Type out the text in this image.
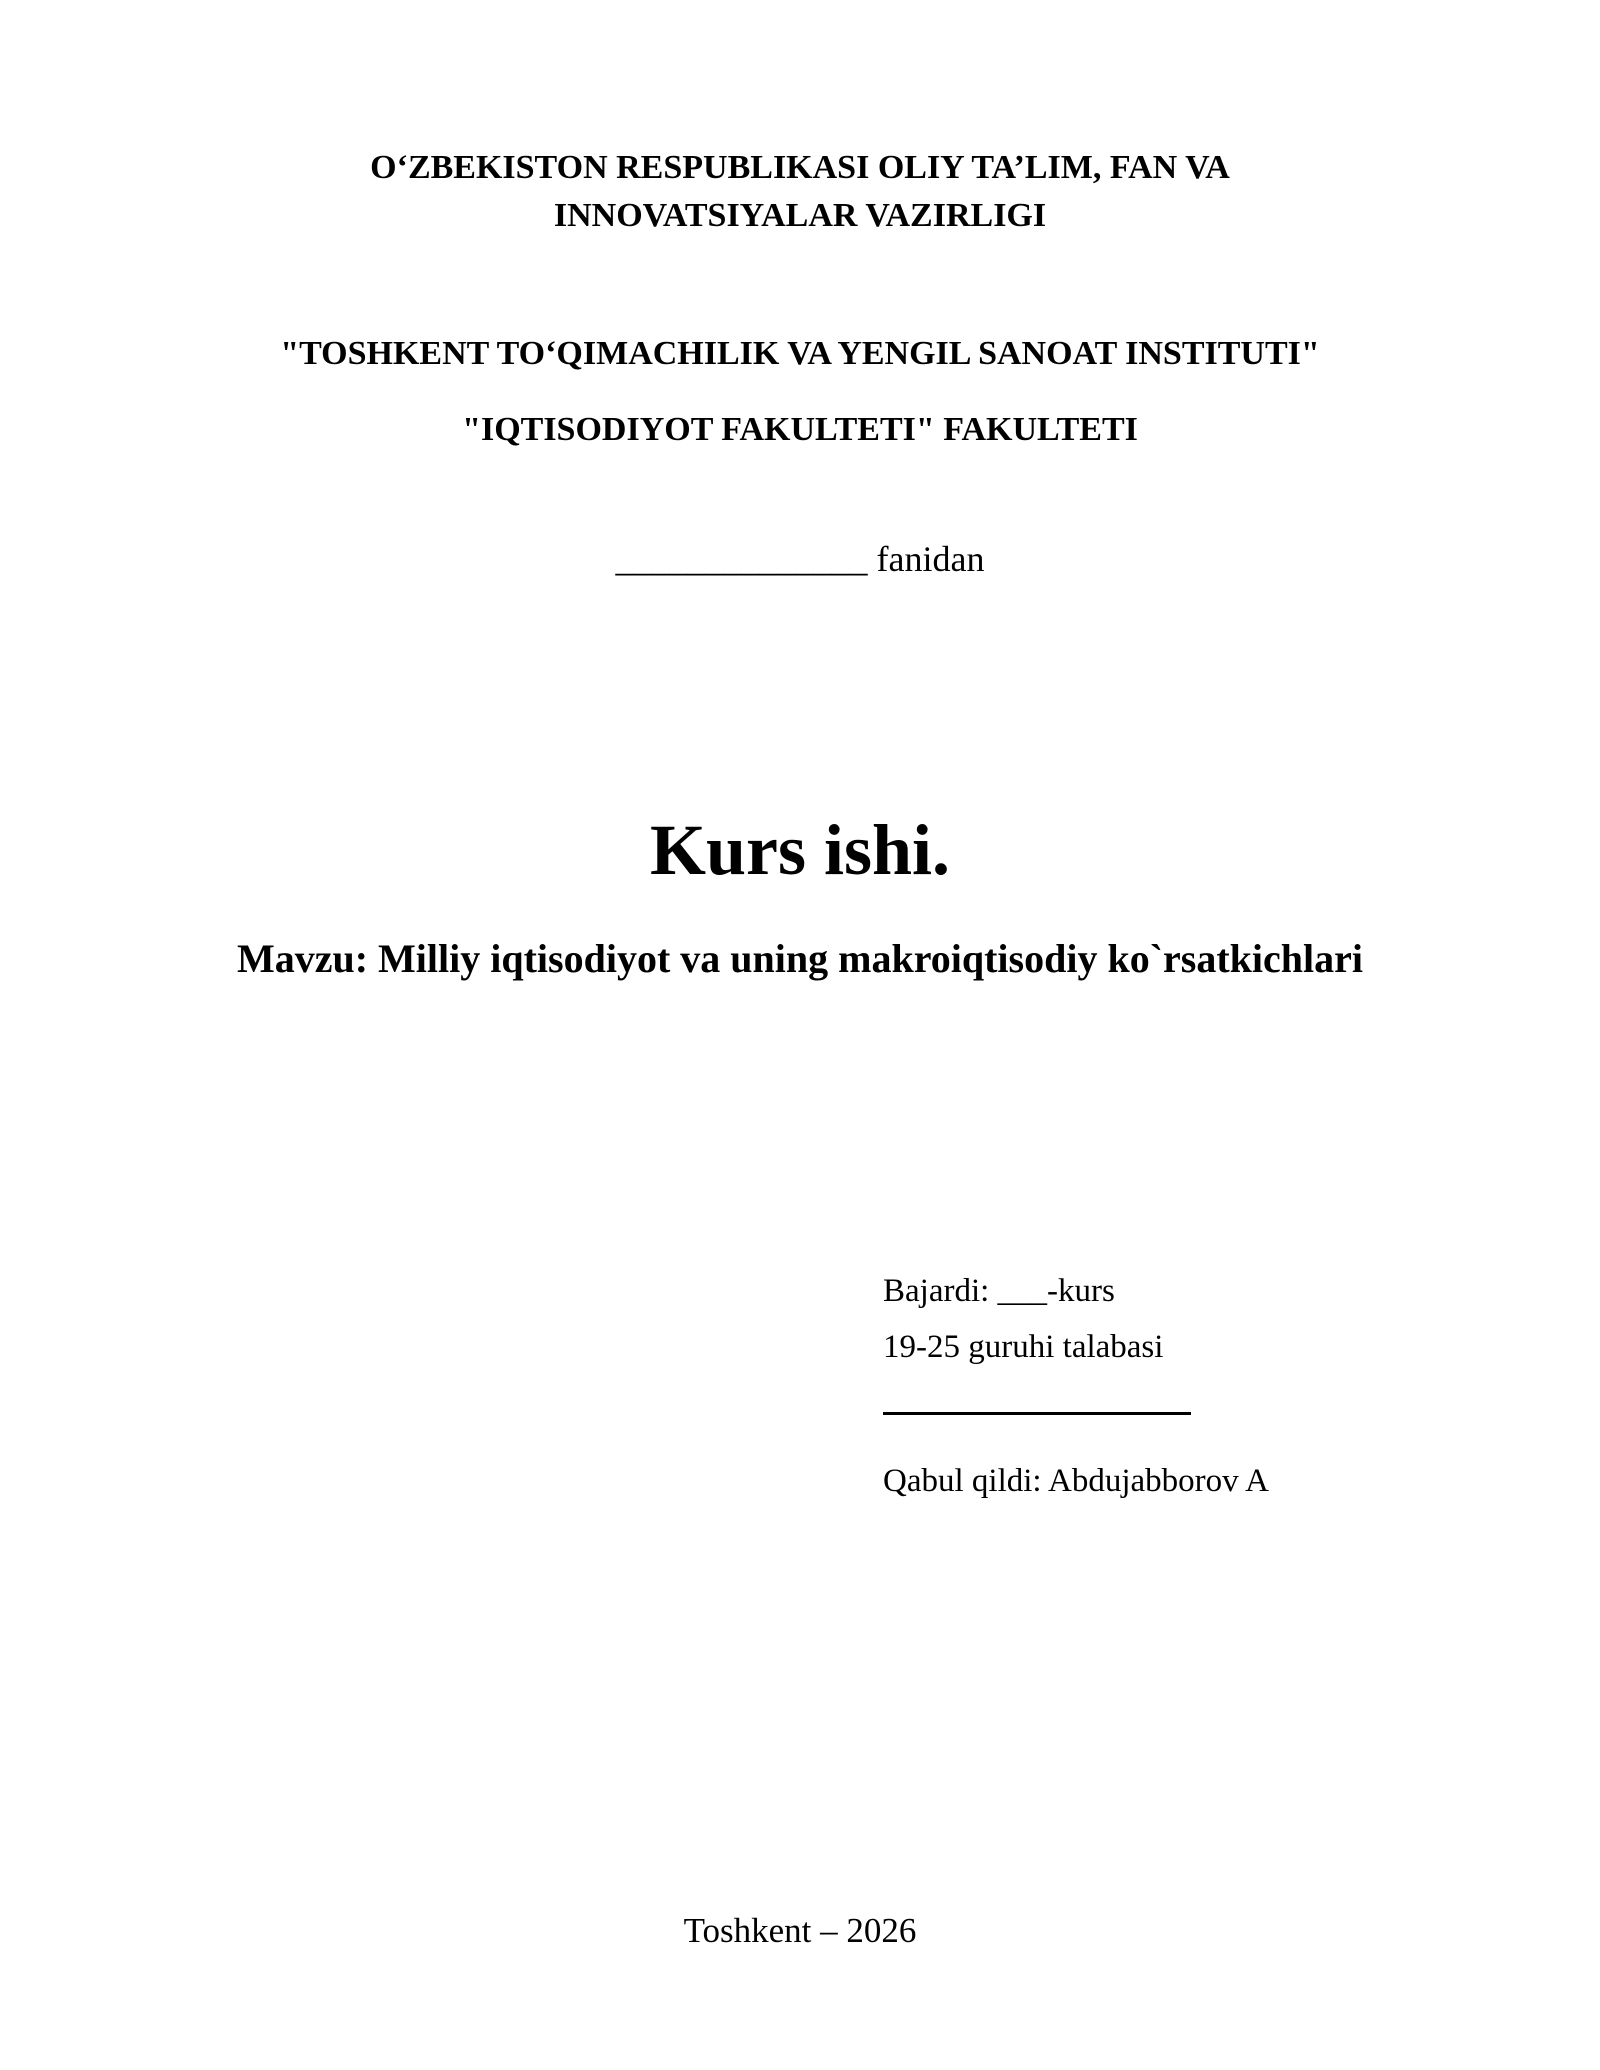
O‘ZBEKISTON RESPUBLIKASI OLIY TA’LIM, FAN VA
INNOVATSIYALAR VAZIRLIGI
"TOSHKENT TO‘QIMACHILIK VA YENGIL SANOAT INSTITUTI"
"IQTISODIYOT FAKULTETI" FAKULTETI
______________ fanidan
Kurs ishi.
Mavzu: Milliy iqtisodiyot va uning makroiqtisodiy ko`rsatkichlari
Bajardi: ___-kurs
19-25 guruhi talabasi
Qabul qildi: Abdujabborov A
Toshkent – 2026
